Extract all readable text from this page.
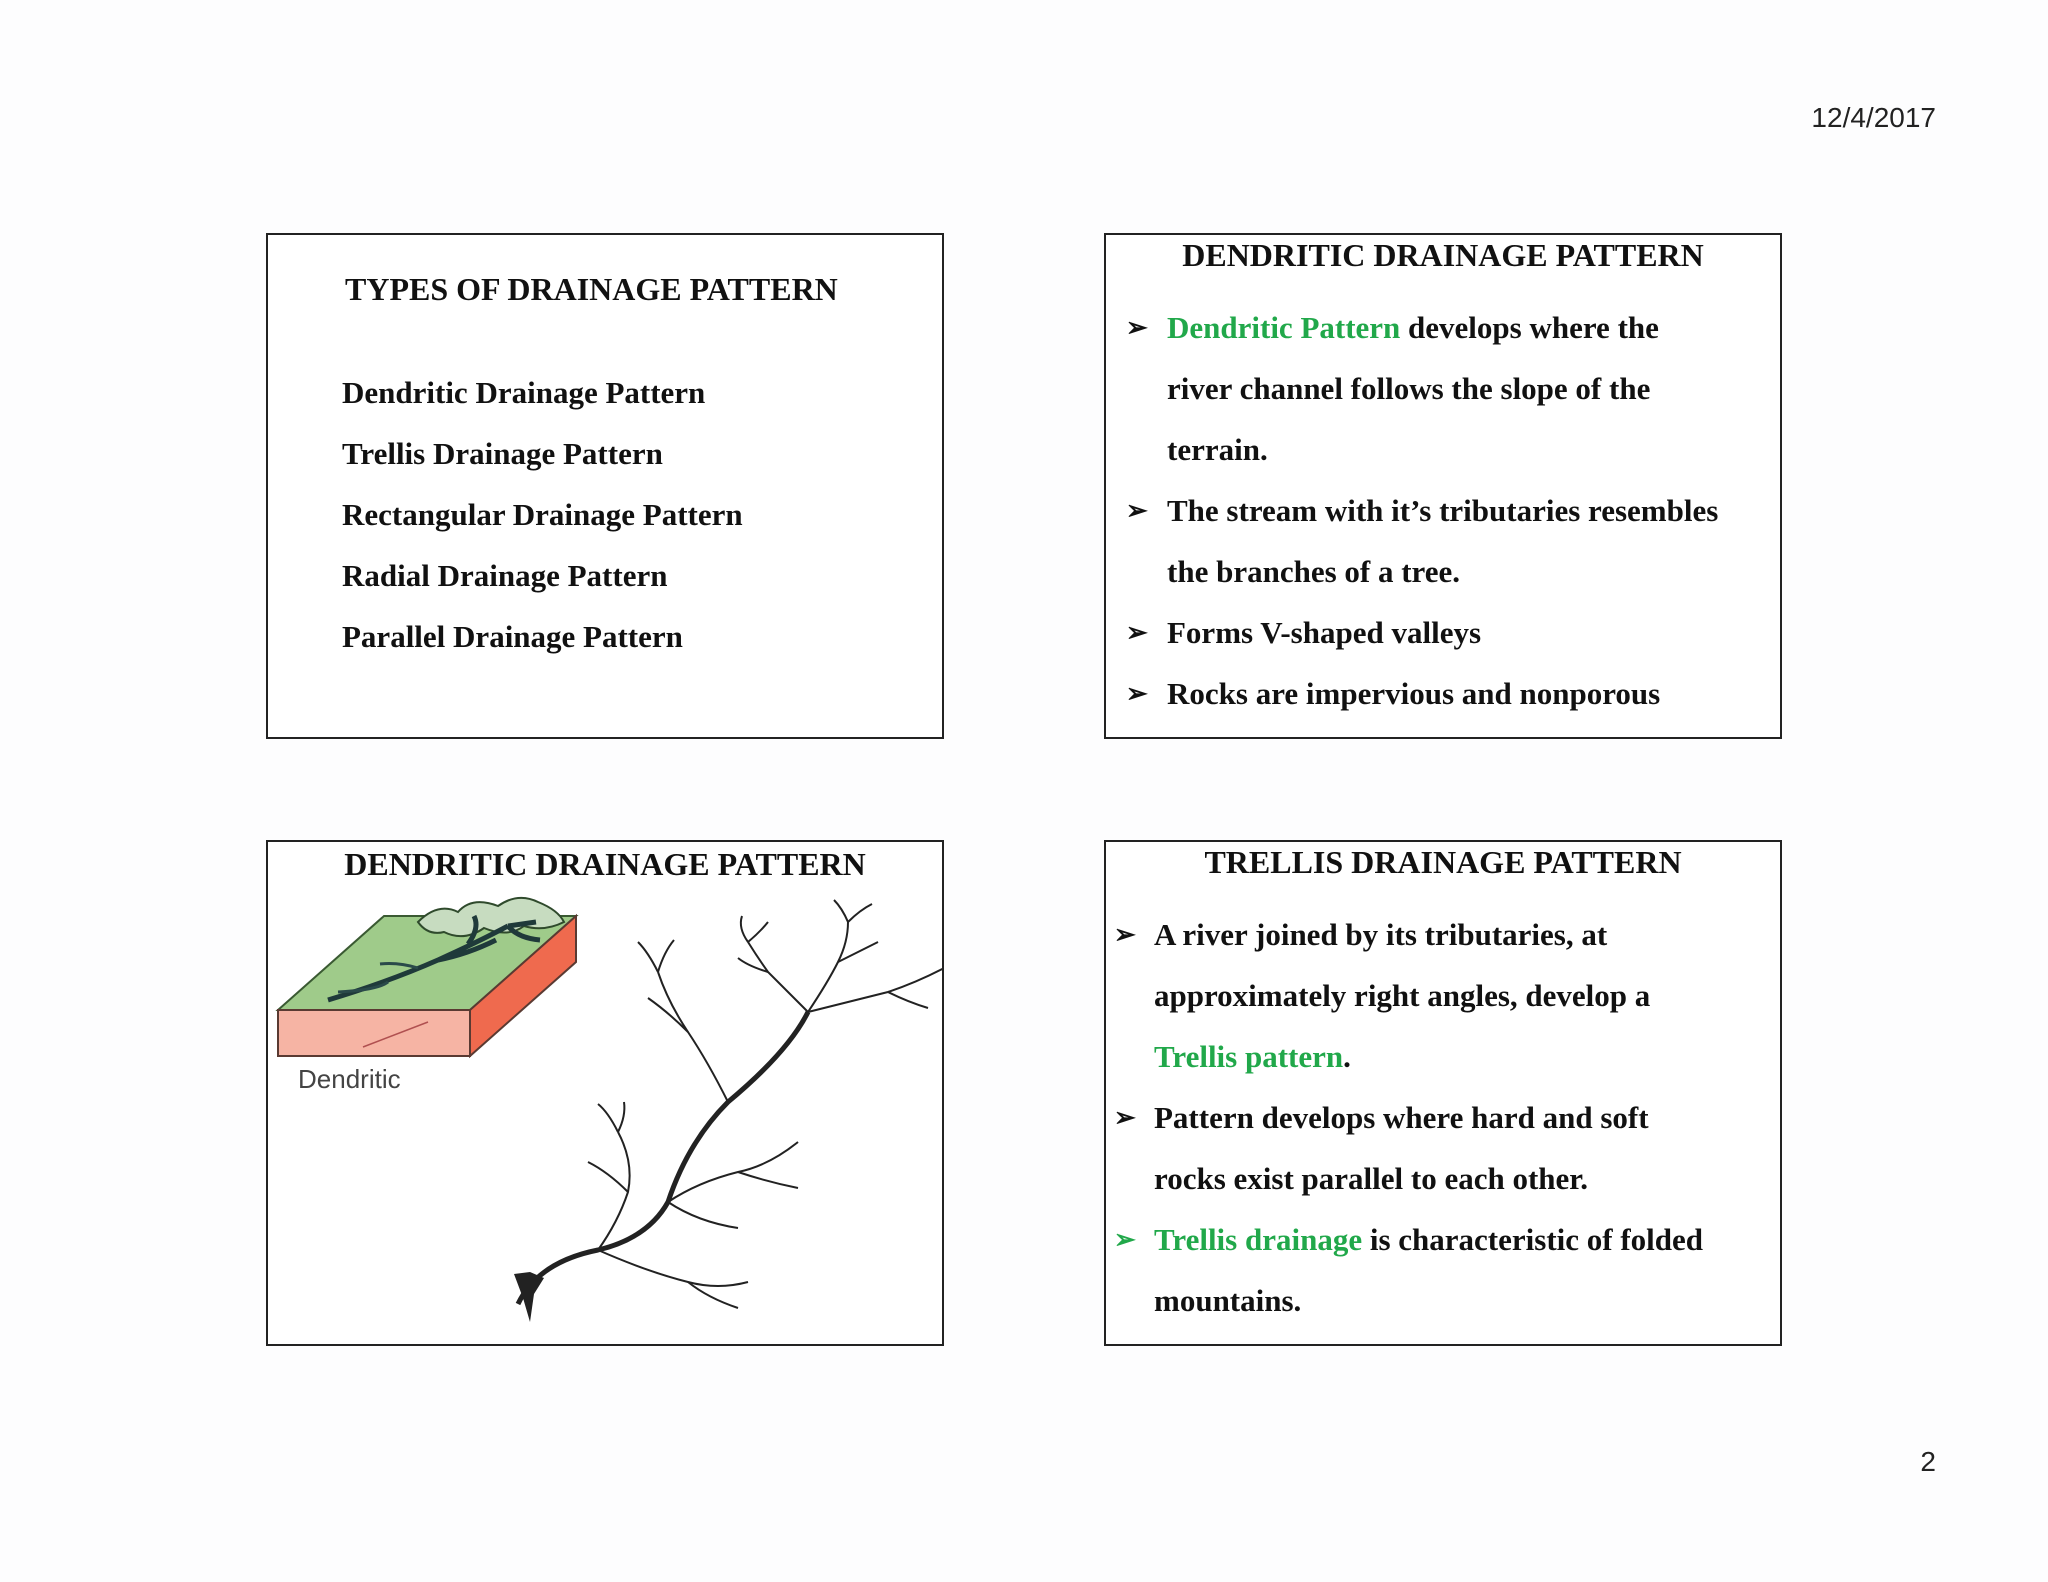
12/4/2017
TYPES OF DRAINAGE PATTERN
Dendritic Drainage Pattern
Trellis Drainage Pattern
Rectangular Drainage Pattern
Radial Drainage Pattern
Parallel Drainage Pattern
DENDRITIC DRAINAGE PATTERN
➢ Dendritic Pattern develops where the
river channel follows the slope of the
terrain.
➢ The stream with it’s tributaries resembles
the branches of a tree.
➢ Forms V-shaped valleys
➢ Rocks are impervious and nonporous
DENDRITIC DRAINAGE PATTERN
Dendritic
TRELLIS DRAINAGE PATTERN
➢ A river joined by its tributaries, at
approximately right angles, develop a
Trellis pattern.
➢ Pattern develops where hard and soft
rocks exist parallel to each other.
➢ Trellis drainage is characteristic of folded
mountains.
2
